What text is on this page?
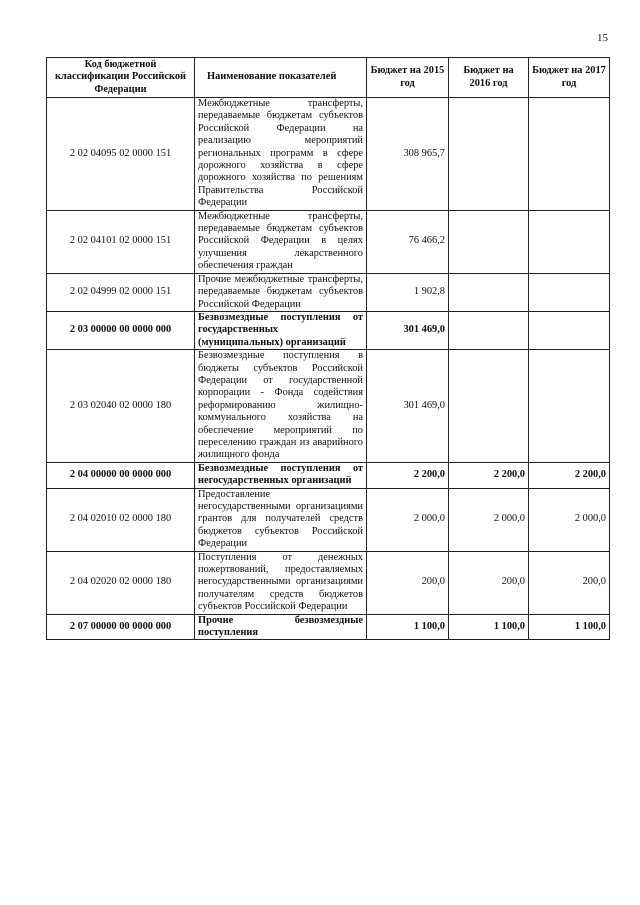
15
Код бюджетной классификации Российской Федерации	Наименование показателей	Бюджет на 2015 год	Бюджет на 2016 год	Бюджет на 2017 год
2 02 04095 02 0000 151	Межбюджетные трансферты, передаваемые бюджетам субъектов Российской Федерации на реализацию мероприятий региональных программ в сфере дорожного хозяйства в сфере дорожного хозяйства по решениям Правительства Российской Федерации	308 965,7		
2 02 04101 02 0000 151	Межбюджетные трансферты, передаваемые бюджетам субъектов Российской Федерации в целях улучшения лекарственного обеспечения граждан	76 466,2		
2 02 04999 02 0000 151	Прочие межбюджетные трансферты, передаваемые бюджетам субъектов Российской Федерации	1 902,8		
2 03 00000 00 0000 000	Безвозмездные поступления от государственных (муниципальных) организаций	301 469,0		
2 03 02040 02 0000 180	Безвозмездные поступления в бюджеты субъектов Российской Федерации от государственной корпорации - Фонда содействия реформированию жилищно-коммунального хозяйства на обеспечение мероприятий по переселению граждан из аварийного жилищного фонда	301 469,0		
2 04 00000 00 0000 000	Безвозмездные поступления от негосударственных организаций	2 200,0	2 200,0	2 200,0
2 04 02010 02 0000 180	Предоставление негосударственными организациями грантов для получателей средств бюджетов субъектов Российской Федерации	2 000,0	2 000,0	2 000,0
2 04 02020 02 0000 180	Поступления от денежных пожертвований, предоставляемых негосударственными организациями получателям средств бюджетов субъектов Российской Федерации	200,0	200,0	200,0
2 07 00000 00 0000 000	Прочие безвозмездные поступления	1 100,0	1 100,0	1 100,0
